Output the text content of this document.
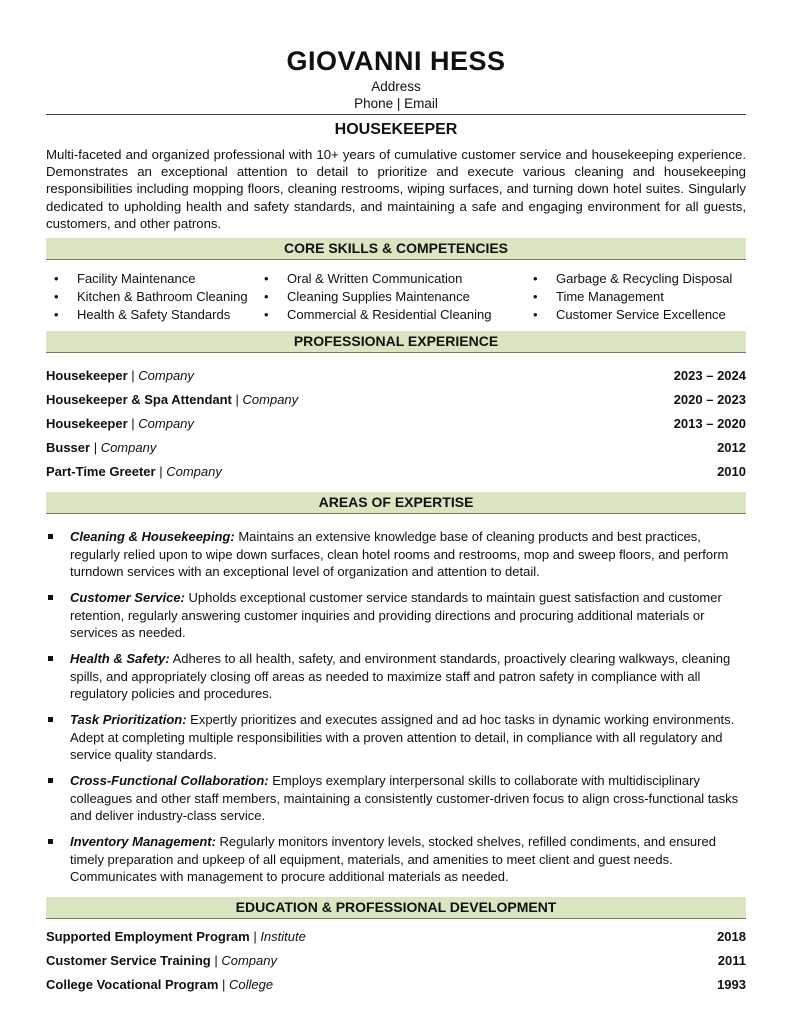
GIOVANNI HESS
Address
Phone | Email
HOUSEKEEPER
Multi-faceted and organized professional with 10+ years of cumulative customer service and housekeeping experience. Demonstrates an exceptional attention to detail to prioritize and execute various cleaning and housekeeping responsibilities including mopping floors, cleaning restrooms, wiping surfaces, and turning down hotel suites. Singularly dedicated to upholding health and safety standards, and maintaining a safe and engaging environment for all guests, customers, and other patrons.
CORE SKILLS & COMPETENCIES
• Facility Maintenance
• Kitchen & Bathroom Cleaning
• Health & Safety Standards
• Oral & Written Communication
• Cleaning Supplies Maintenance
• Commercial & Residential Cleaning
• Garbage & Recycling Disposal
• Time Management
• Customer Service Excellence
PROFESSIONAL EXPERIENCE
Housekeeper | Company	2023 – 2024
Housekeeper & Spa Attendant | Company	2020 – 2023
Housekeeper | Company	2013 – 2020
Busser | Company	2012
Part-Time Greeter | Company	2010
AREAS OF EXPERTISE
Cleaning & Housekeeping: Maintains an extensive knowledge base of cleaning products and best practices, regularly relied upon to wipe down surfaces, clean hotel rooms and restrooms, mop and sweep floors, and perform turndown services with an exceptional level of organization and attention to detail.
Customer Service: Upholds exceptional customer service standards to maintain guest satisfaction and customer retention, regularly answering customer inquiries and providing directions and procuring additional materials or services as needed.
Health & Safety: Adheres to all health, safety, and environment standards, proactively clearing walkways, cleaning spills, and appropriately closing off areas as needed to maximize staff and patron safety in compliance with all regulatory policies and procedures.
Task Prioritization: Expertly prioritizes and executes assigned and ad hoc tasks in dynamic working environments. Adept at completing multiple responsibilities with a proven attention to detail, in compliance with all regulatory and service quality standards.
Cross-Functional Collaboration: Employs exemplary interpersonal skills to collaborate with multidisciplinary colleagues and other staff members, maintaining a consistently customer-driven focus to align cross-functional tasks and deliver industry-class service.
Inventory Management: Regularly monitors inventory levels, stocked shelves, refilled condiments, and ensured timely preparation and upkeep of all equipment, materials, and amenities to meet client and guest needs. Communicates with management to procure additional materials as needed.
EDUCATION & PROFESSIONAL DEVELOPMENT
Supported Employment Program | Institute	2018
Customer Service Training | Company	2011
College Vocational Program | College	1993
